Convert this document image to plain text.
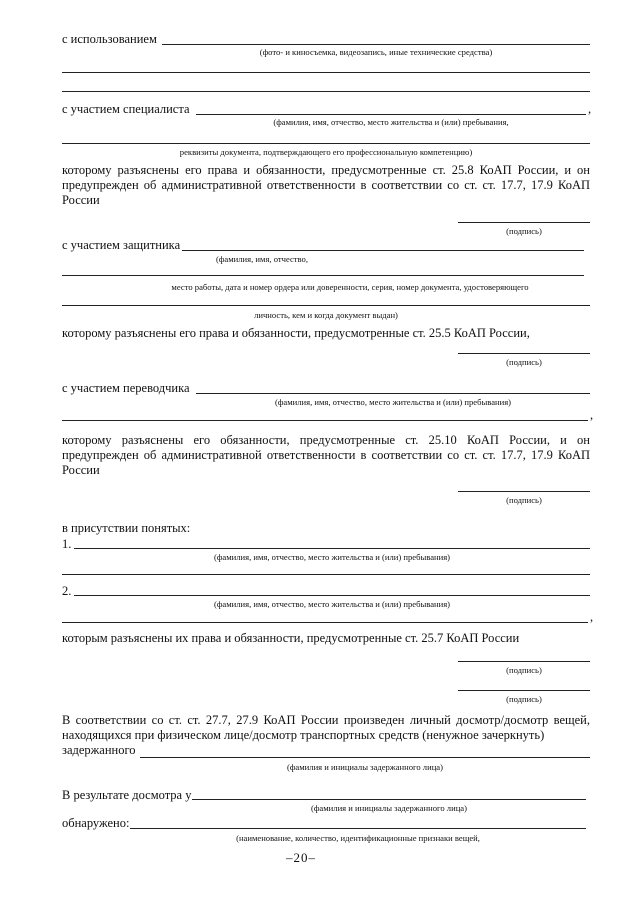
с использованием
(фото- и киносъемка, видеозапись, иные технические средства)
с участием специалиста	,
(фамилия, имя, отчество, место жительства и (или) пребывания,
реквизиты документа, подтверждающего его профессиональную компетенцию)
которому разъяснены его права и обязанности, предусмотренные ст. 25.8 КоАП России, и он предупрежден об административной ответственности в соответствии со ст. ст. 17.7, 17.9 КоАП России
(подпись)
с участием защитника
(фамилия, имя, отчество,
место работы, дата и номер ордера или доверенности, серия, номер документа, удостоверяющего
личность, кем и когда документ выдан)
которому разъяснены его права и обязанности, предусмотренные ст. 25.5 КоАП России,
(подпись)
с участием переводчика
(фамилия, имя, отчество, место жительства и (или) пребывания)
,
которому разъяснены его обязанности, предусмотренные ст. 25.10 КоАП России, и он предупрежден об административной ответственности в соответствии со ст. ст. 17.7, 17.9 КоАП России
(подпись)
в присутствии понятых:
1.
(фамилия, имя, отчество, место жительства и (или) пребывания)
2.
(фамилия, имя, отчество, место жительства и (или) пребывания)
,
которым разъяснены их права и обязанности, предусмотренные ст. 25.7 КоАП России
(подпись)
(подпись)
В соответствии со ст. ст. 27.7, 27.9 КоАП России произведен личный досмотр/досмотр вещей, находящихся при физическом лице/досмотр транспортных средств (ненужное зачеркнуть)
задержанного
(фамилия и инициалы задержанного лица)
В результате досмотра у
(фамилия и инициалы задержанного лица)
обнаружено:
(наименование, количество, идентификационные признаки вещей,
–20–
